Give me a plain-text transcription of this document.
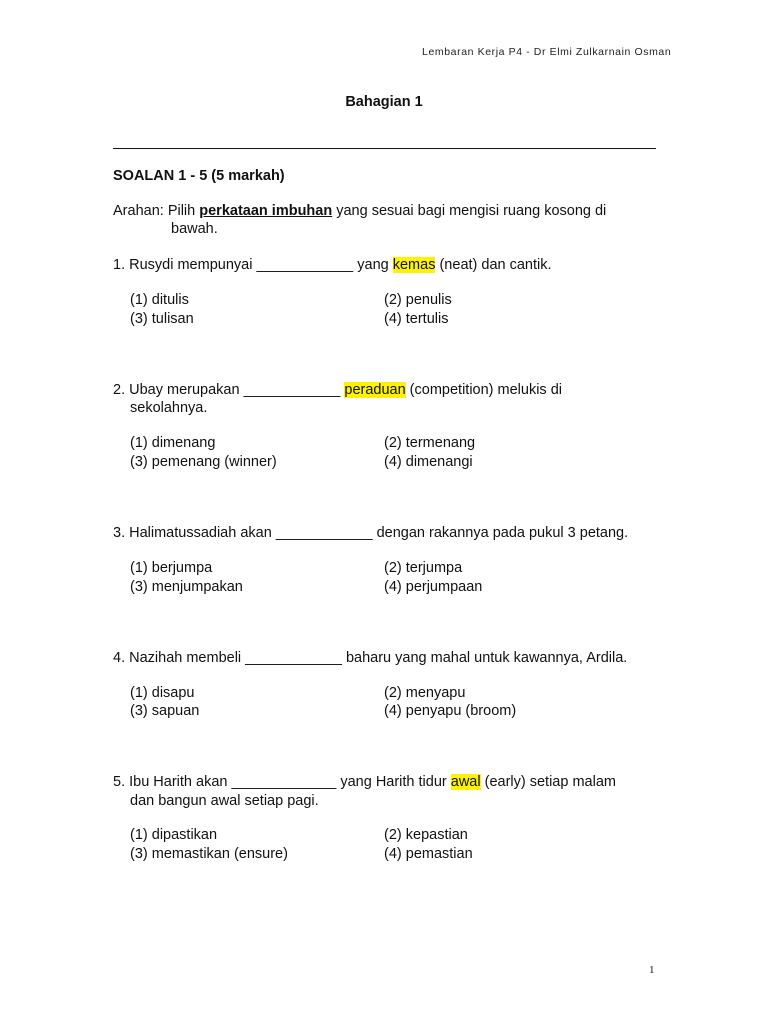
Lembaran Kerja P4 - Dr Elmi Zulkarnain Osman
Bahagian 1
SOALAN 1 - 5 (5 markah)
Arahan: Pilih perkataan imbuhan yang sesuai bagi mengisi ruang kosong di
bawah.
1. Rusydi mempunyai ____________ yang kemas (neat) dan cantik.
(1) ditulis	(2) penulis
(3) tulisan	(4) tertulis
2. Ubay merupakan ____________ peraduan (competition) melukis di
sekolahnya.
(1) dimenang	(2) termenang
(3) pemenang (winner)	(4) dimenangi
3. Halimatussadiah akan ____________ dengan rakannya pada pukul 3 petang.
(1) berjumpa	(2) terjumpa
(3) menjumpakan	(4) perjumpaan
4. Nazihah membeli ____________ baharu yang mahal untuk kawannya, Ardila.
(1) disapu	(2) menyapu
(3) sapuan	(4) penyapu (broom)
5. Ibu Harith akan _____________ yang Harith tidur awal (early) setiap malam
dan bangun awal setiap pagi.
(1) dipastikan	(2) kepastian
(3) memastikan (ensure)	(4) pemastian
1
